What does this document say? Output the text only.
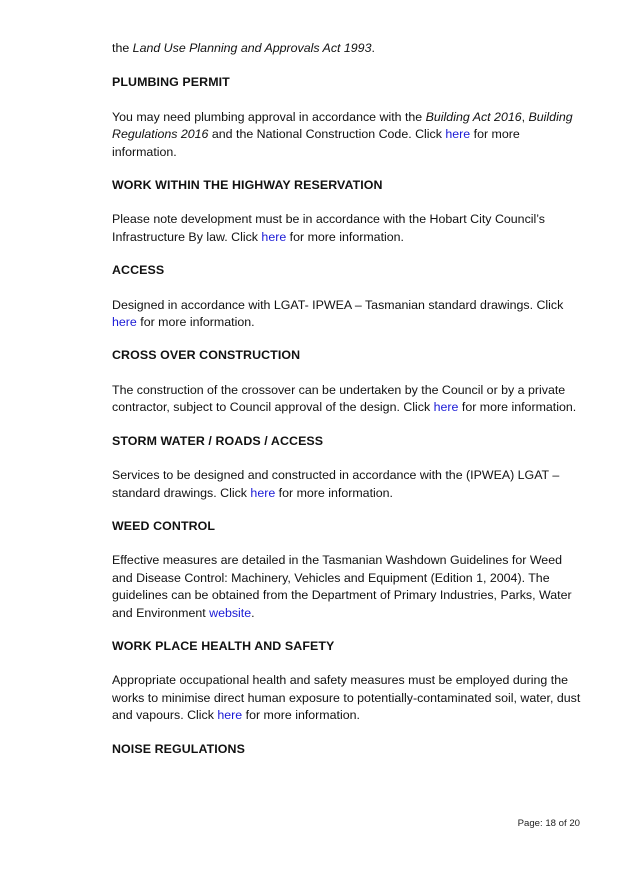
the Land Use Planning and Approvals Act 1993.

PLUMBING PERMIT

You may need plumbing approval in accordance with the Building Act 2016, Building Regulations 2016 and the National Construction Code. Click here for more information.

WORK WITHIN THE HIGHWAY RESERVATION

Please note development must be in accordance with the Hobart City Council’s Infrastructure By law. Click here for more information.

ACCESS

Designed in accordance with LGAT- IPWEA – Tasmanian standard drawings. Click here for more information.

CROSS OVER CONSTRUCTION

The construction of the crossover can be undertaken by the Council or by a private contractor, subject to Council approval of the design. Click here for more information.

STORM WATER / ROADS / ACCESS

Services to be designed and constructed in accordance with the (IPWEA) LGAT – standard drawings. Click here for more information.

WEED CONTROL

Effective measures are detailed in the Tasmanian Washdown Guidelines for Weed and Disease Control: Machinery, Vehicles and Equipment (Edition 1, 2004). The guidelines can be obtained from the Department of Primary Industries, Parks, Water and Environment website.

WORK PLACE HEALTH AND SAFETY

Appropriate occupational health and safety measures must be employed during the works to minimise direct human exposure to potentially-contaminated soil, water, dust and vapours. Click here for more information.

NOISE REGULATIONS
Page: 18 of 20
